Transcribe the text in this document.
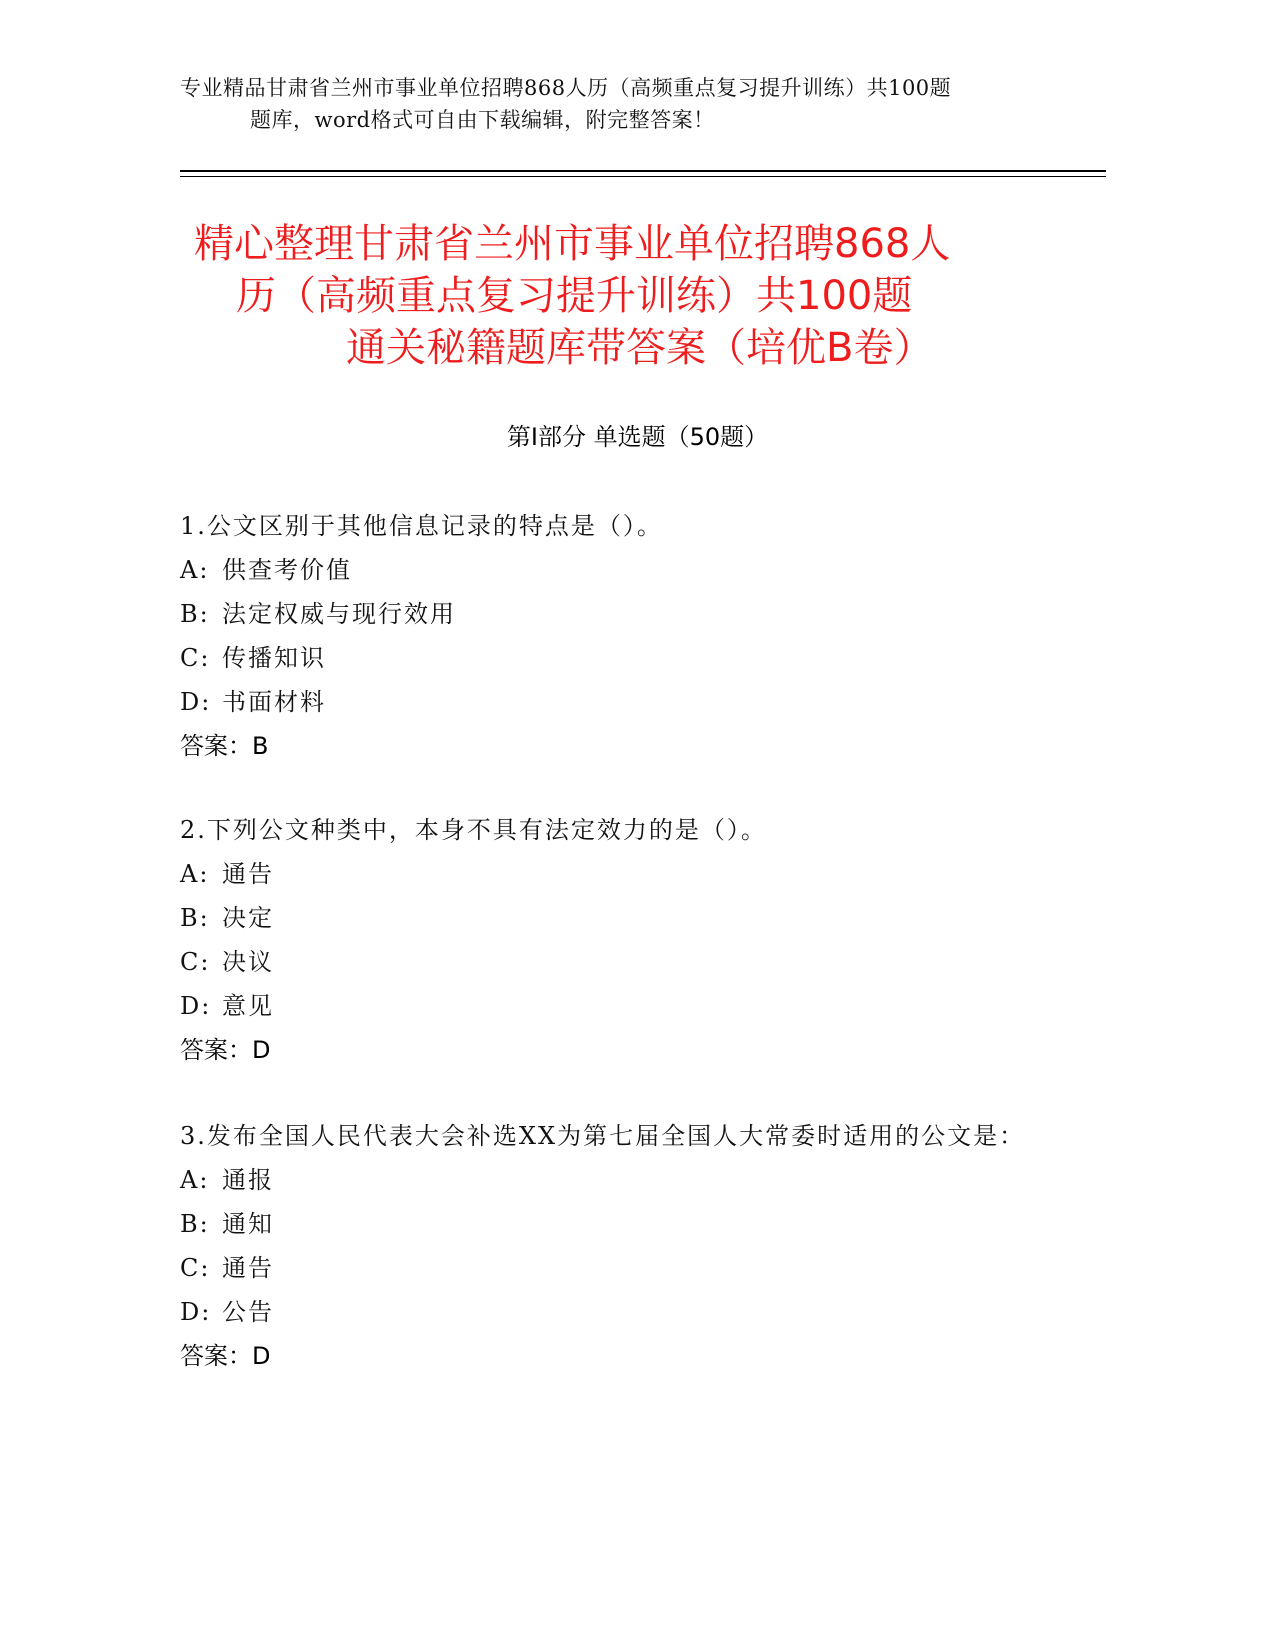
专业精品甘肃省兰州市事业单位招聘868人历（高频重点复习提升训练）共100题
题库，word格式可自由下载编辑，附完整答案！
精心整理甘肃省兰州市事业单位招聘868人
历（高频重点复习提升训练）共100题
通关秘籍题库带答案（培优B卷）
第Ⅰ部分 单选题（50题）
1.公文区别于其他信息记录的特点是（）。
A: 供查考价值
B: 法定权威与现行效用
C: 传播知识
D: 书面材料
答案：B
2.下列公文种类中，本身不具有法定效力的是（）。
A: 通告
B: 决定
C: 决议
D: 意见
答案：D
3.发布全国人民代表大会补选XX为第七届全国人大常委时适用的公文是：
A: 通报
B: 通知
C: 通告
D: 公告
答案：D
